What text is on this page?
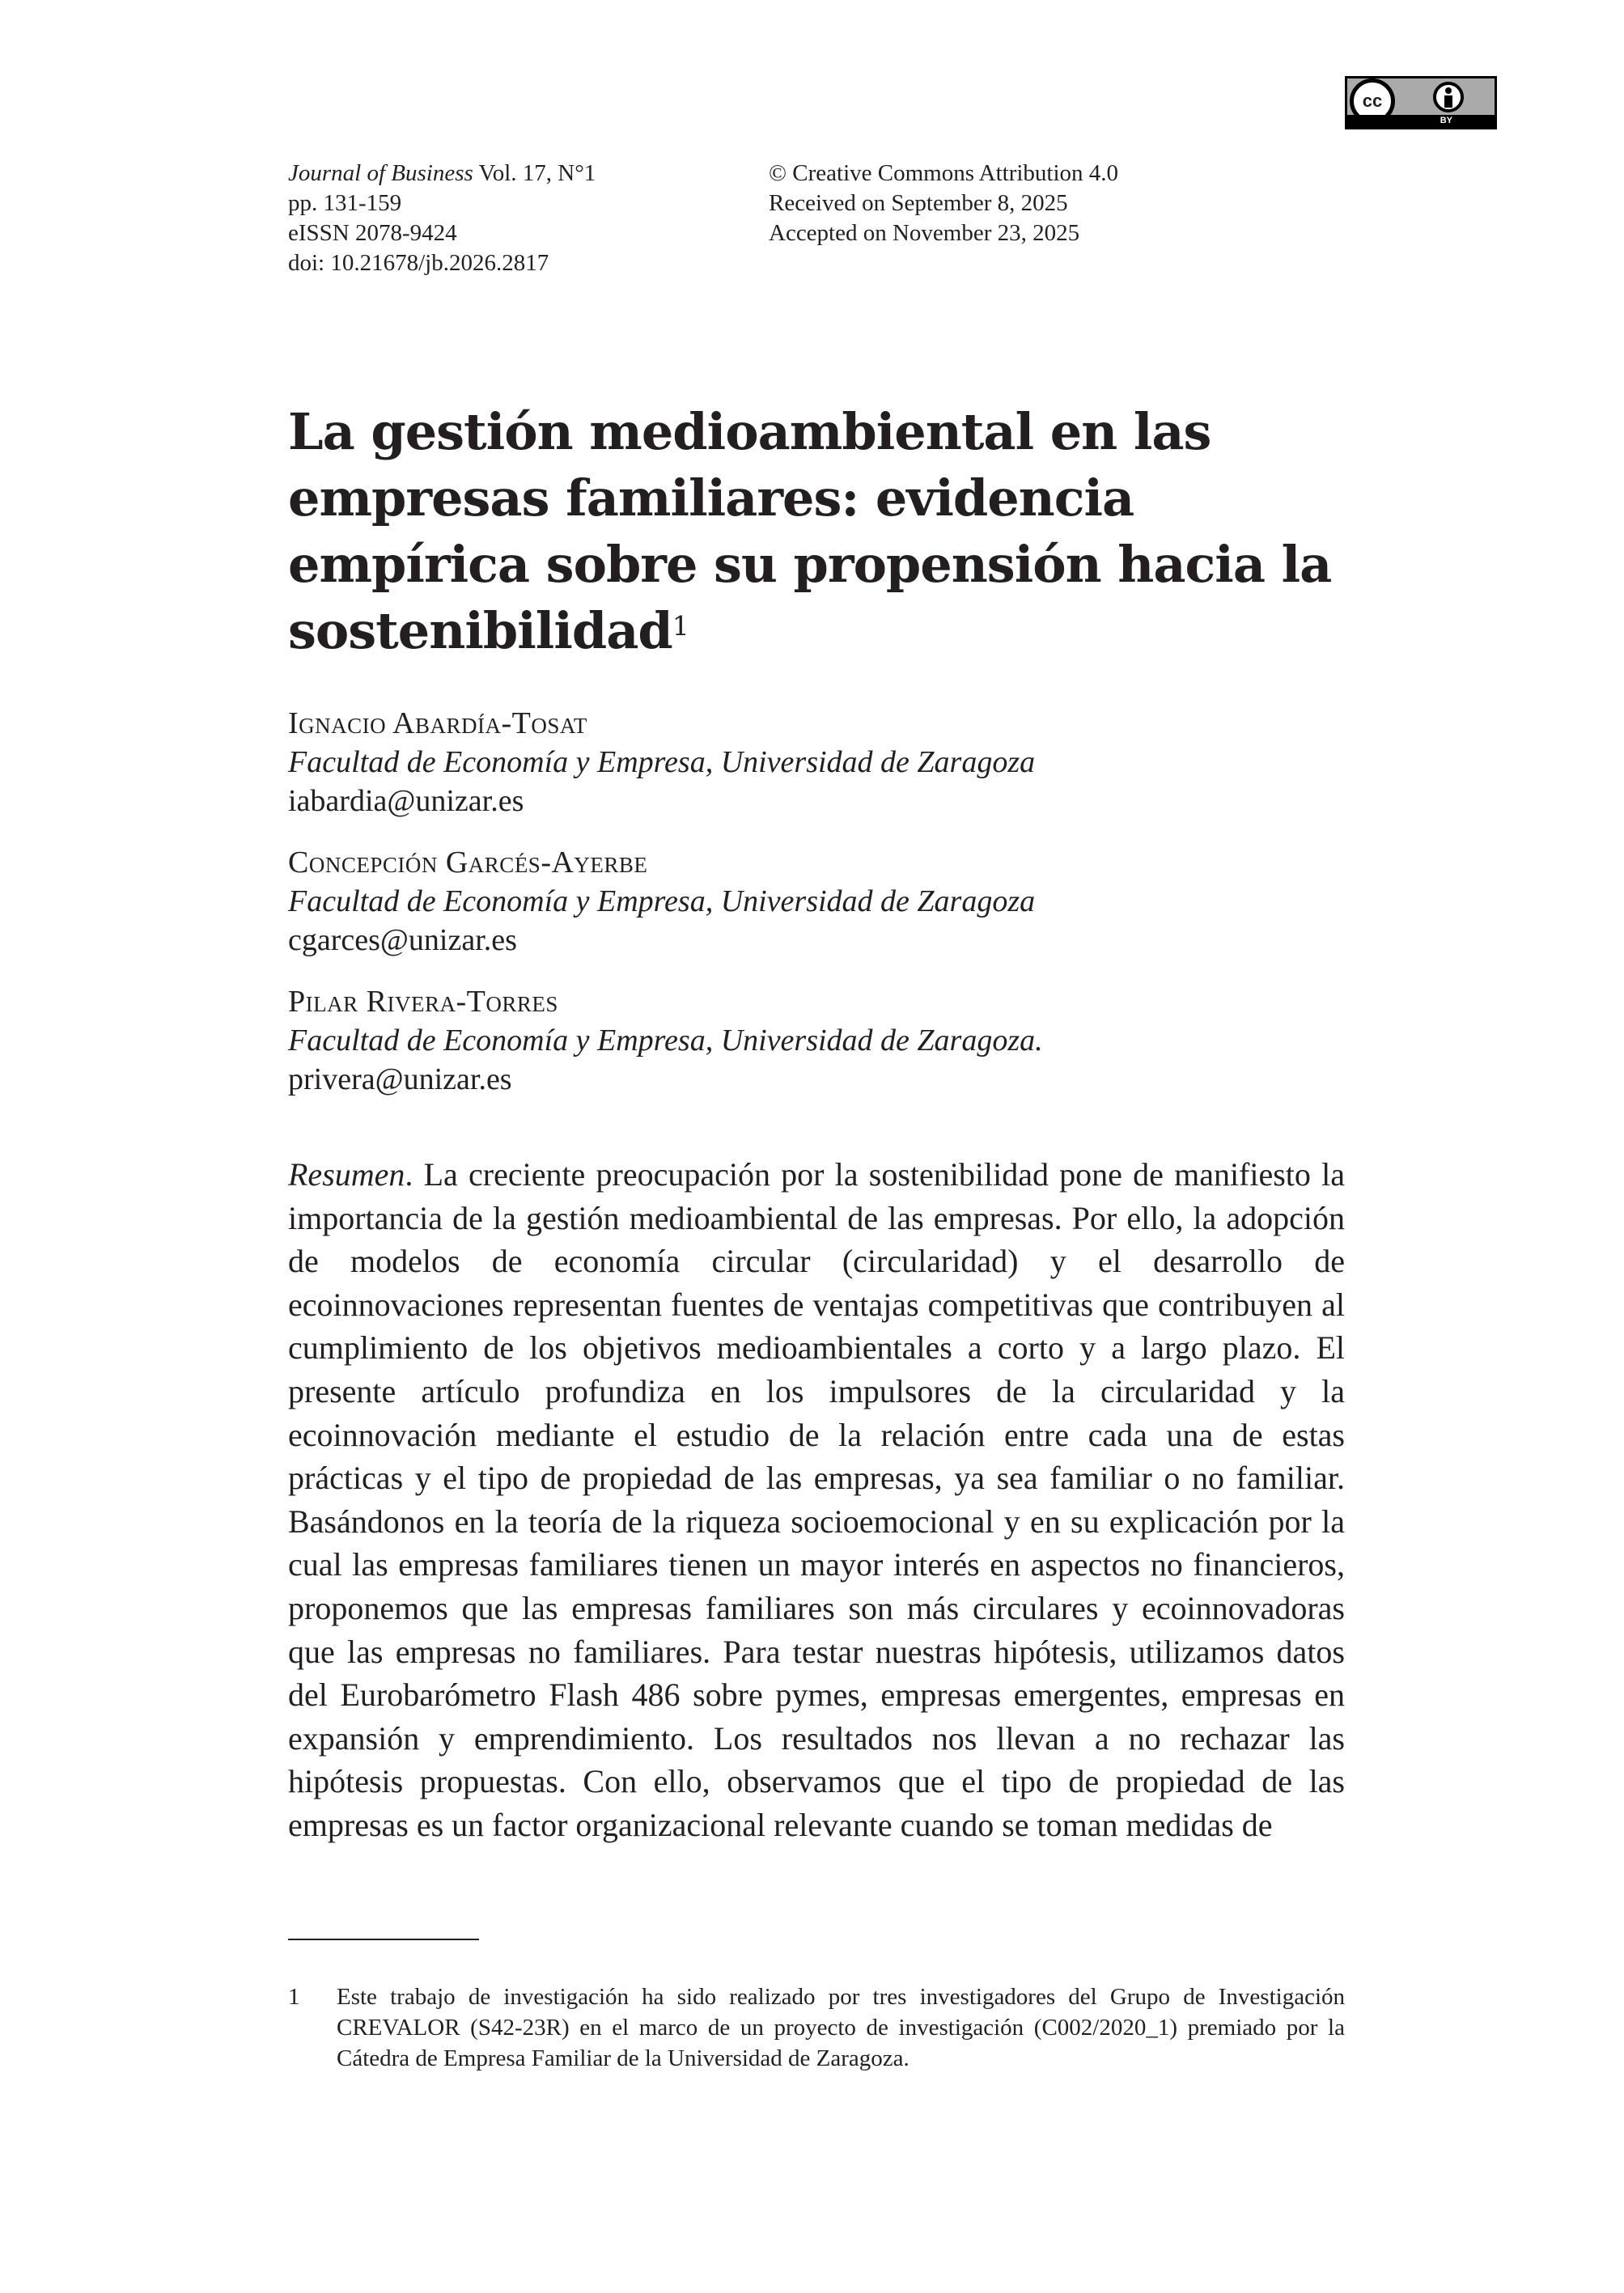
cc
BY
Journal of Business Vol. 17, N°1
pp. 131-159
eISSN 2078-9424
doi: 10.21678/jb.2026.2817
© Creative Commons Attribution 4.0
Received on September 8, 2025
Accepted on November 23, 2025
La gestión medioambiental en las empresas familiares: evidencia empírica sobre su propensión hacia la sostenibilidad$^1$
Ignacio Abardía-Tosat
Facultad de Economía y Empresa, Universidad de Zaragoza
iabardia@unizar.es
Concepción Garcés-Ayerbe
Facultad de Economía y Empresa, Universidad de Zaragoza
cgarces@unizar.es
Pilar Rivera-Torres
Facultad de Economía y Empresa, Universidad de Zaragoza.
privera@unizar.es

Resumen. La creciente preocupación por la sostenibilidad pone de manifiesto la importancia de la gestión medioambiental de las empresas. Por ello, la adopción de modelos de economía circular (circularidad) y el desarrollo de ecoinnovaciones representan fuentes de ventajas competitivas que contribuyen al cumplimiento de los objetivos medioambientales a corto y a largo plazo. El presente artículo profundiza en los impulsores de la circularidad y la ecoinnovación mediante el estudio de la relación entre cada una de estas prácticas y el tipo de propiedad de las empresas, ya sea familiar o no familiar. Basándonos en la teoría de la riqueza socioemocional y en su explicación por la cual las empresas familiares tienen un mayor interés en aspectos no financieros, proponemos que las empresas familiares son más circulares y ecoinnovadoras que las empresas no familiares. Para testar nuestras hipótesis, utilizamos datos del Eurobarómetro Flash 486 sobre pymes, empresas emergentes, empresas en expansión y emprendimiento. Los resultados nos llevan a no rechazar las hipótesis propuestas. Con ello, observamos que el tipo de propiedad de las empresas es un factor organizacional relevante cuando se toman medidas de

1	Este trabajo de investigación ha sido realizado por tres investigadores del Grupo de Investigación CREVALOR (S42-23R) en el marco de un proyecto de investigación (C002/2020_1) premiado por la Cátedra de Empresa Familiar de la Universidad de Zaragoza.
